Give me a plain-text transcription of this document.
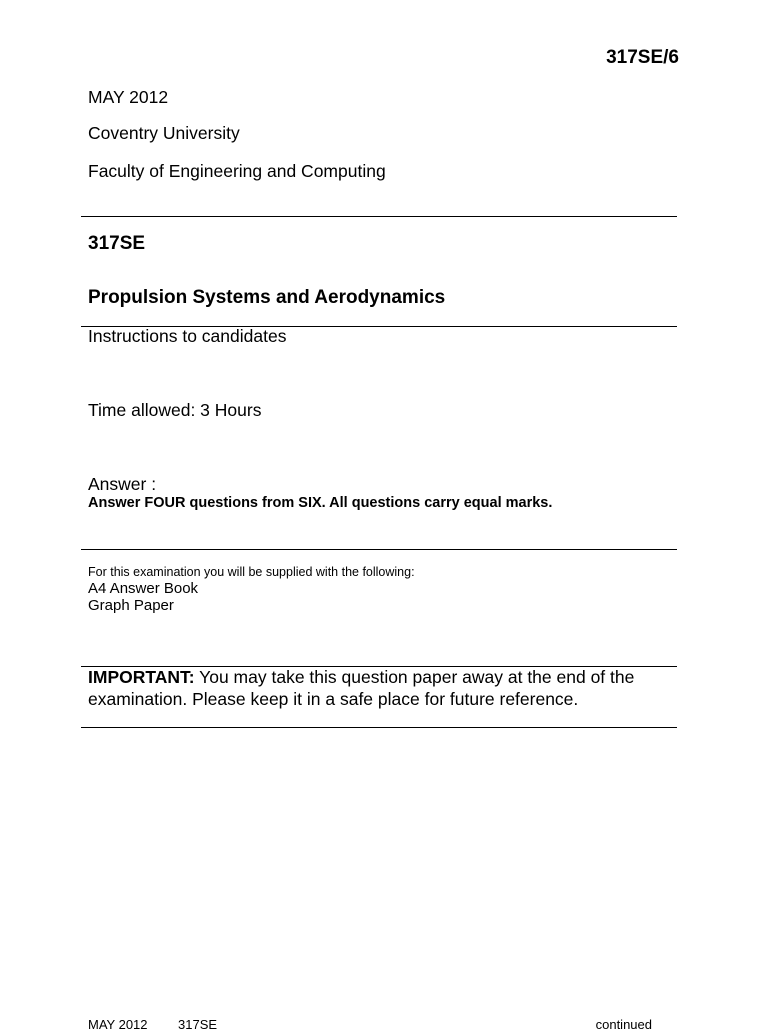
317SE/6
MAY 2012
Coventry University
Faculty of Engineering and Computing
317SE
Propulsion Systems and Aerodynamics
Instructions to candidates
Time allowed: 3 Hours
Answer :
Answer FOUR questions from SIX. All questions carry equal marks.
For this examination you will be supplied with the following:
A4 Answer Book
Graph Paper
IMPORTANT: You may take this question paper away at the end of the examination. Please keep it in a safe place for future reference.
MAY 2012 317SE	continued
